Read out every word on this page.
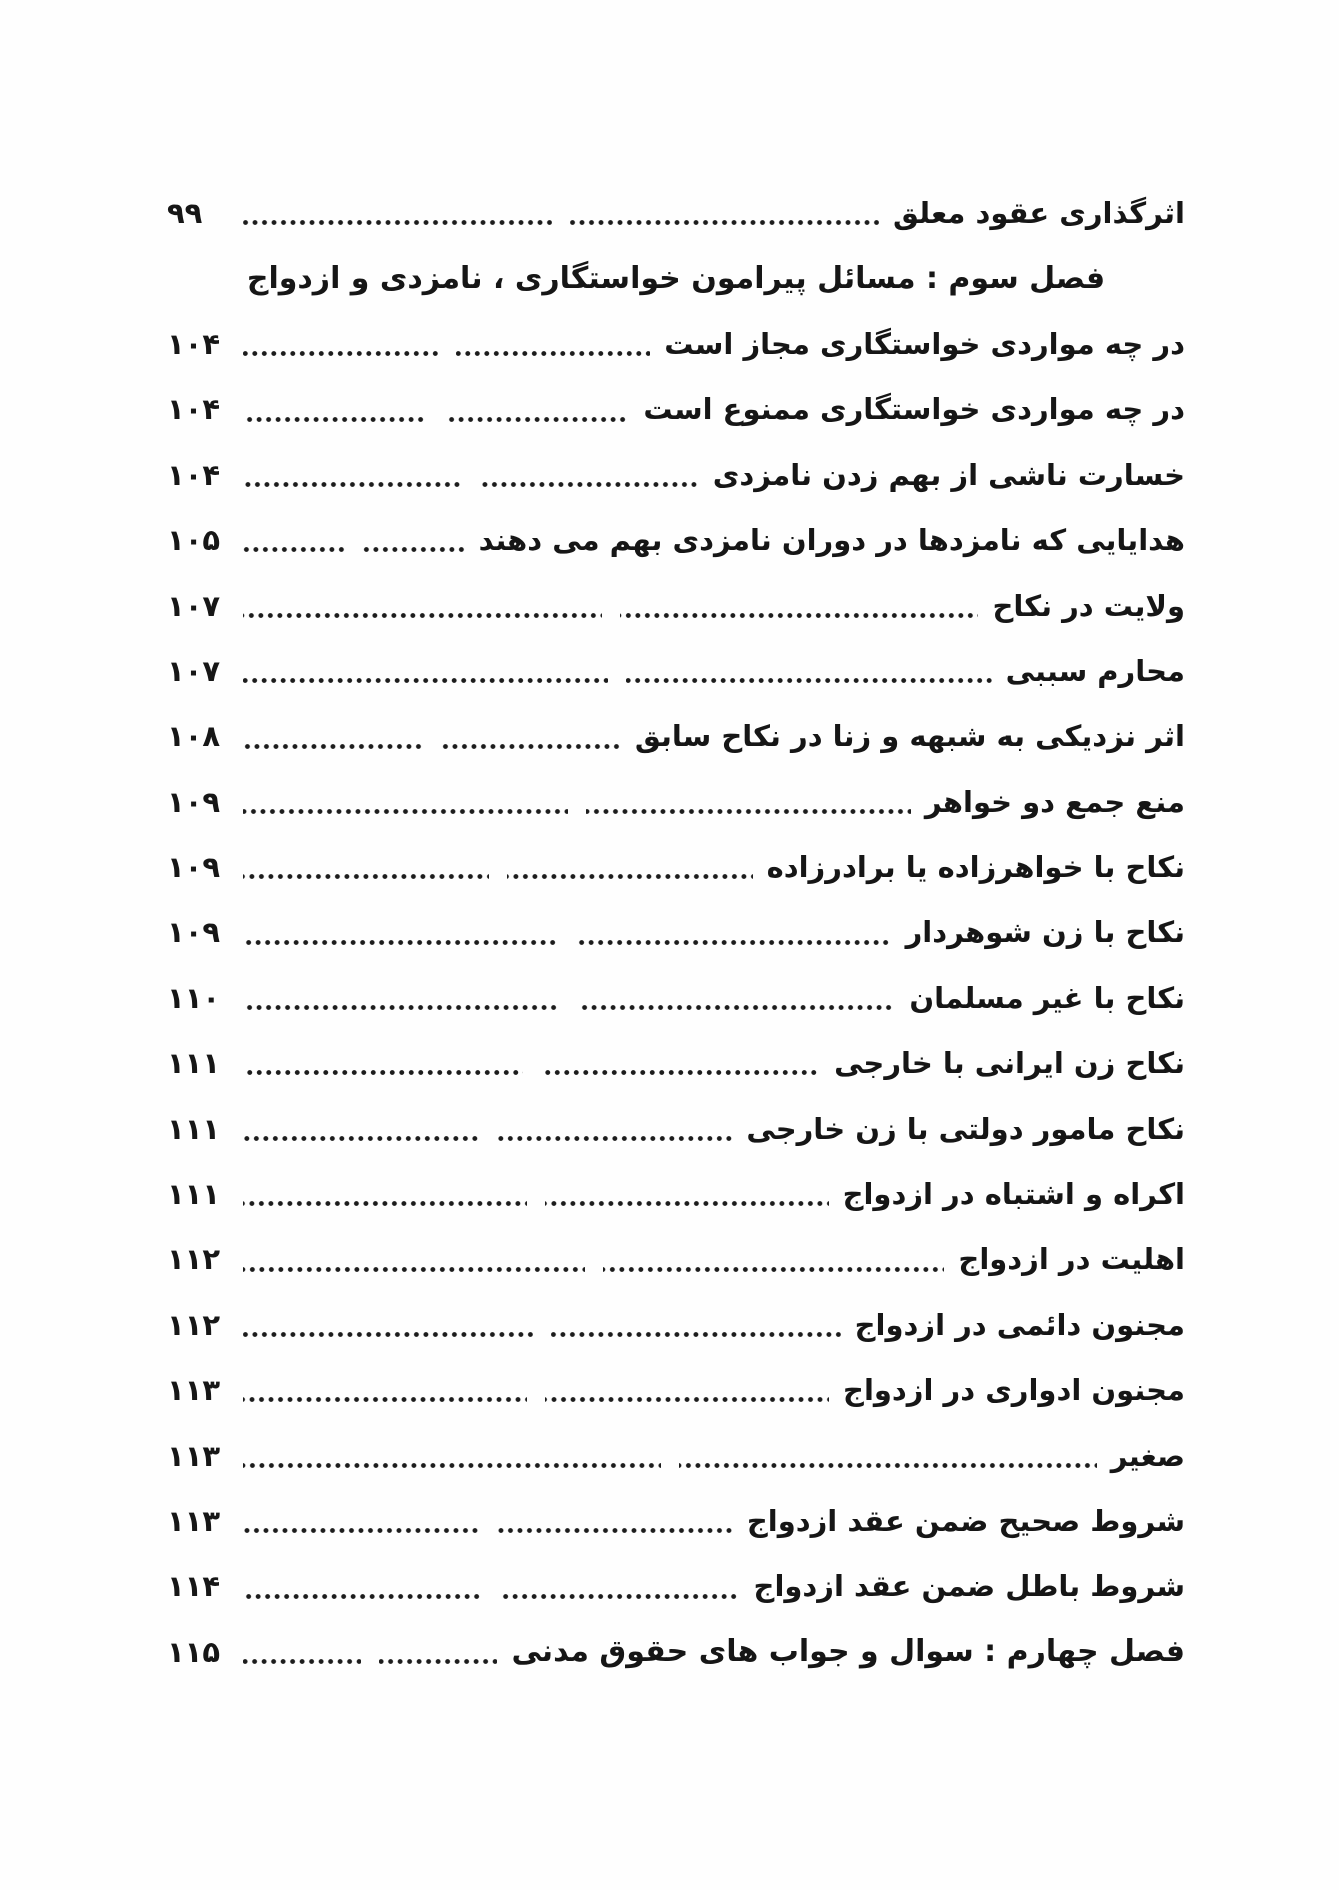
اثرگذاری عقود معلق
۹۹
فصل سوم : مسائل پیرامون خواستگاری ، نامزدی و ازدواج
در چه مواردی خواستگاری مجاز است
۱۰۴
در چه مواردی خواستگاری ممنوع است
۱۰۴
خسارت ناشی از بهم زدن نامزدی
۱۰۴
هدایایی که نامزدها در دوران نامزدی بهم می دهند
۱۰۵
ولایت در نکاح
۱۰۷
محارم سببی
۱۰۷
اثر نزدیکی به شبهه و زنا در نکاح سابق
۱۰۸
منع جمع دو خواهر
۱۰۹
نکاح با خواهرزاده یا برادرزاده
۱۰۹
نکاح با زن شوهردار
۱۰۹
نکاح با غیر مسلمان
۱۱۰
نکاح زن ایرانی با خارجی
۱۱۱
نکاح مامور دولتی با زن خارجی
۱۱۱
اکراه و اشتباه در ازدواج
۱۱۱
اهلیت در ازدواج
۱۱۲
مجنون دائمی در ازدواج
۱۱۲
مجنون ادواری در ازدواج
۱۱۳
صغیر
۱۱۳
شروط صحیح ضمن عقد ازدواج
۱۱۳
شروط باطل ضمن عقد ازدواج
۱۱۴
فصل چهارم : سوال و جواب های حقوق مدنی
۱۱۵
